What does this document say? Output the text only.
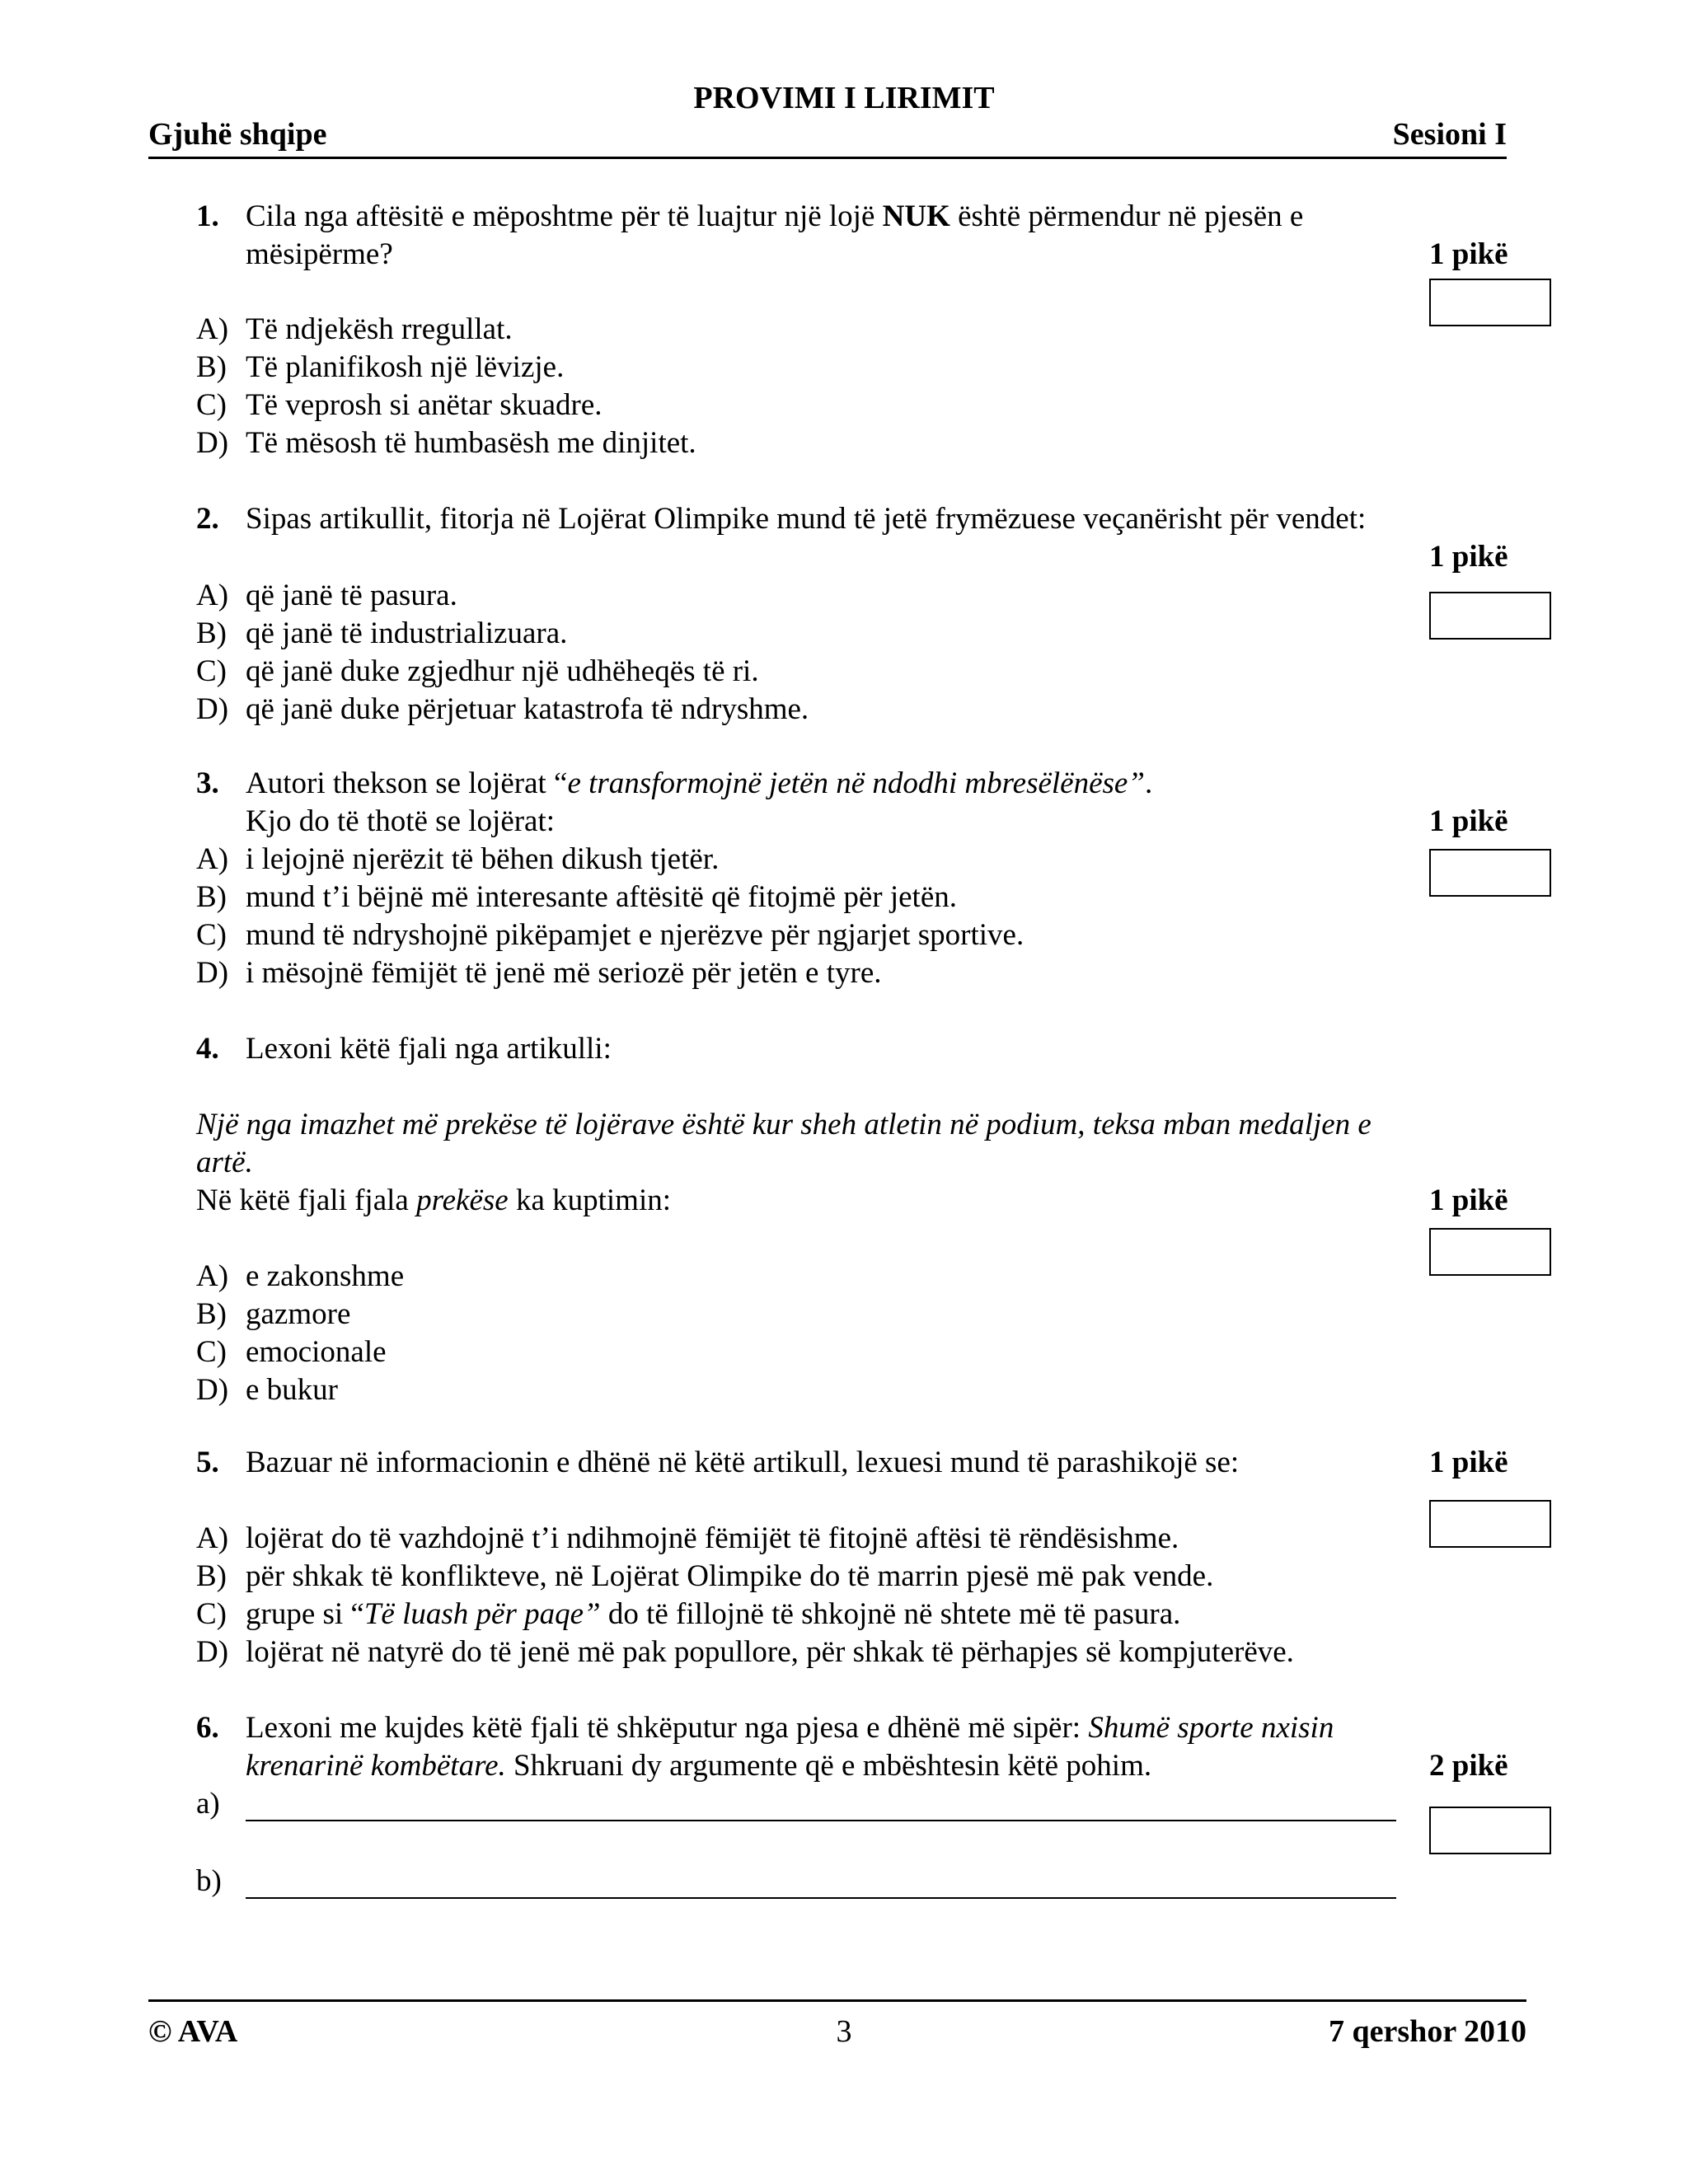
PROVIMI I LIRIMIT
Gjuhë shqipe	Sesioni I
1. Cila nga aftësitë e mëposhtme për të luajtur një lojë NUK është përmendur në pjesën e
mësipërme?	1 pikë
A) Të ndjekësh rregullat.
B) Të planifikosh një lëvizje.
C) Të veprosh si anëtar skuadre.
D) Të mësosh të humbasësh me dinjitet.
2. Sipas artikullit, fitorja në Lojërat Olimpike mund të jetë frymëzuese veçanërisht për vendet:
1 pikë
A) që janë të pasura.
B) që janë të industrializuara.
C) që janë duke zgjedhur një udhëheqës të ri.
D) që janë duke përjetuar katastrofa të ndryshme.
3. Autori thekson se lojërat “e transformojnë jetën në ndodhi mbresëlënëse”.
Kjo do të thotë se lojërat:	1 pikë
A) i lejojnë njerëzit të bëhen dikush tjetër.
B) mund t’i bëjnë më interesante aftësitë që fitojmë për jetën.
C) mund të ndryshojnë pikëpamjet e njerëzve për ngjarjet sportive.
D) i mësojnë fëmijët të jenë më seriozë për jetën e tyre.
4. Lexoni këtë fjali nga artikulli:
Një nga imazhet më prekëse të lojërave është kur sheh atletin në podium, teksa mban medaljen e
artë.
Në këtë fjali fjala prekëse ka kuptimin:	1 pikë
A) e zakonshme
B) gazmore
C) emocionale
D) e bukur
5. Bazuar në informacionin e dhënë në këtë artikull, lexuesi mund të parashikojë se:	1 pikë
A) lojërat do të vazhdojnë t’i ndihmojnë fëmijët të fitojnë aftësi të rëndësishme.
B) për shkak të konflikteve, në Lojërat Olimpike do të marrin pjesë më pak vende.
C) grupe si “Të luash për paqe” do të fillojnë të shkojnë në shtete më të pasura.
D) lojërat në natyrë do të jenë më pak popullore, për shkak të përhapjes së kompjuterëve.
6. Lexoni me kujdes këtë fjali të shkëputur nga pjesa e dhënë më sipër: Shumë sporte nxisin
krenarinë kombëtare. Shkruani dy argumente që e mbështesin këtë pohim.	2 pikë
a)
b)
© AVA	3	7 qershor 2010
